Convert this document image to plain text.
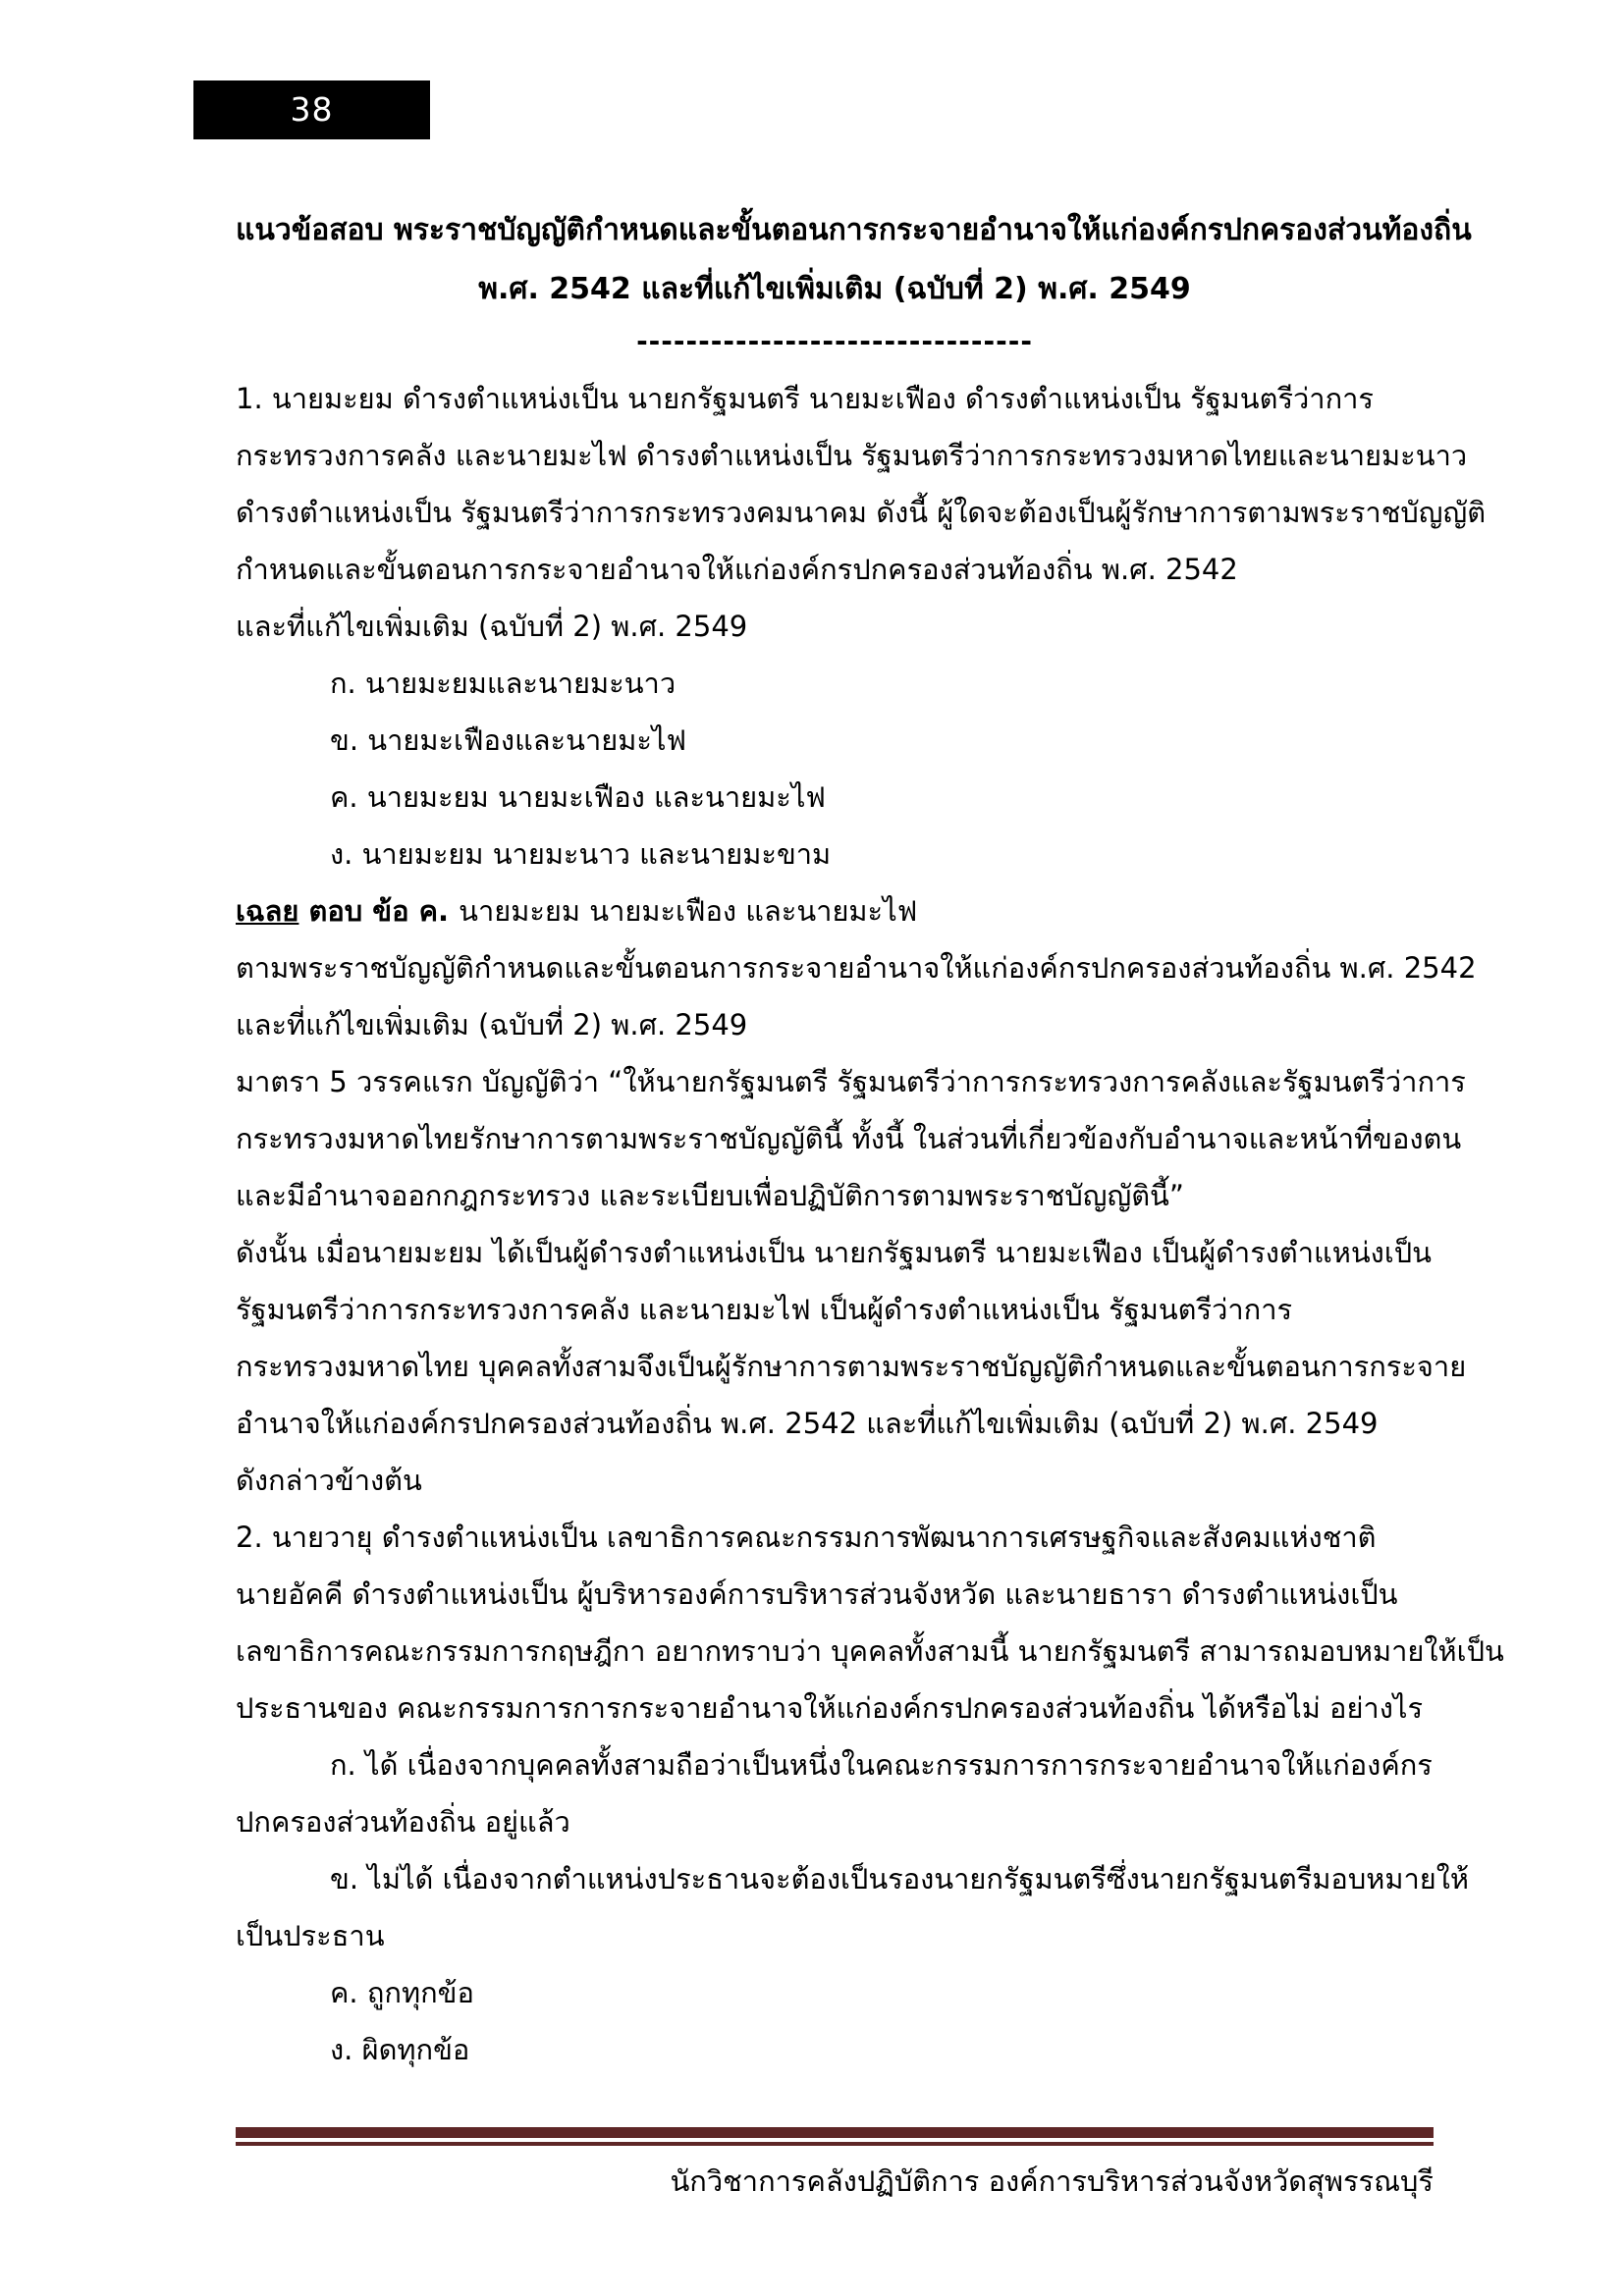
38
แนวข้อสอบ พระราชบัญญัติกำหนดและขั้นตอนการกระจายอำนาจให้แก่องค์กรปกครองส่วนท้องถิ่น
พ.ศ. 2542 และที่แก้ไขเพิ่มเติม (ฉบับที่ 2) พ.ศ. 2549
--------------------------------
1. นายมะยม ดำรงตำแหน่งเป็น นายกรัฐมนตรี นายมะเฟือง ดำรงตำแหน่งเป็น รัฐมนตรีว่าการ
กระทรวงการคลัง และนายมะไฟ ดำรงตำแหน่งเป็น รัฐมนตรีว่าการกระทรวงมหาดไทยและนายมะนาว
ดำรงตำแหน่งเป็น รัฐมนตรีว่าการกระทรวงคมนาคม ดังนี้ ผู้ใดจะต้องเป็นผู้รักษาการตามพระราชบัญญัติ
กำหนดและขั้นตอนการกระจายอำนาจให้แก่องค์กรปกครองส่วนท้องถิ่น พ.ศ. 2542
และที่แก้ไขเพิ่มเติม (ฉบับที่ 2) พ.ศ. 2549
ก. นายมะยมและนายมะนาว
ข. นายมะเฟืองและนายมะไฟ
ค. นายมะยม นายมะเฟือง และนายมะไฟ
ง. นายมะยม นายมะนาว และนายมะขาม
เฉลย ตอบ ข้อ ค. นายมะยม นายมะเฟือง และนายมะไฟ
ตามพระราชบัญญัติกำหนดและขั้นตอนการกระจายอำนาจให้แก่องค์กรปกครองส่วนท้องถิ่น พ.ศ. 2542
และที่แก้ไขเพิ่มเติม (ฉบับที่ 2) พ.ศ. 2549
มาตรา 5 วรรคแรก บัญญัติว่า “ให้นายกรัฐมนตรี รัฐมนตรีว่าการกระทรวงการคลังและรัฐมนตรีว่าการ
กระทรวงมหาดไทยรักษาการตามพระราชบัญญัตินี้ ทั้งนี้ ในส่วนที่เกี่ยวข้องกับอำนาจและหน้าที่ของตน
และมีอำนาจออกกฎกระทรวง และระเบียบเพื่อปฏิบัติการตามพระราชบัญญัตินี้”
ดังนั้น เมื่อนายมะยม ได้เป็นผู้ดำรงตำแหน่งเป็น นายกรัฐมนตรี นายมะเฟือง เป็นผู้ดำรงตำแหน่งเป็น
รัฐมนตรีว่าการกระทรวงการคลัง และนายมะไฟ เป็นผู้ดำรงตำแหน่งเป็น รัฐมนตรีว่าการ
กระทรวงมหาดไทย บุคคลทั้งสามจึงเป็นผู้รักษาการตามพระราชบัญญัติกำหนดและขั้นตอนการกระจาย
อำนาจให้แก่องค์กรปกครองส่วนท้องถิ่น พ.ศ. 2542 และที่แก้ไขเพิ่มเติม (ฉบับที่ 2) พ.ศ. 2549
ดังกล่าวข้างต้น
2. นายวายุ ดำรงตำแหน่งเป็น เลขาธิการคณะกรรมการพัฒนาการเศรษฐกิจและสังคมแห่งชาติ
นายอัคคี ดำรงตำแหน่งเป็น ผู้บริหารองค์การบริหารส่วนจังหวัด และนายธารา ดำรงตำแหน่งเป็น
เลขาธิการคณะกรรมการกฤษฎีกา อยากทราบว่า บุคคลทั้งสามนี้ นายกรัฐมนตรี สามารถมอบหมายให้เป็น
ประธานของ คณะกรรมการการกระจายอำนาจให้แก่องค์กรปกครองส่วนท้องถิ่น ได้หรือไม่ อย่างไร
ก. ได้ เนื่องจากบุคคลทั้งสามถือว่าเป็นหนึ่งในคณะกรรมการการกระจายอำนาจให้แก่องค์กร
ปกครองส่วนท้องถิ่น อยู่แล้ว
ข. ไม่ได้ เนื่องจากตำแหน่งประธานจะต้องเป็นรองนายกรัฐมนตรีซึ่งนายกรัฐมนตรีมอบหมายให้
เป็นประธาน
ค. ถูกทุกข้อ
ง. ผิดทุกข้อ
นักวิชาการคลังปฏิบัติการ องค์การบริหารส่วนจังหวัดสุพรรณบุรี
